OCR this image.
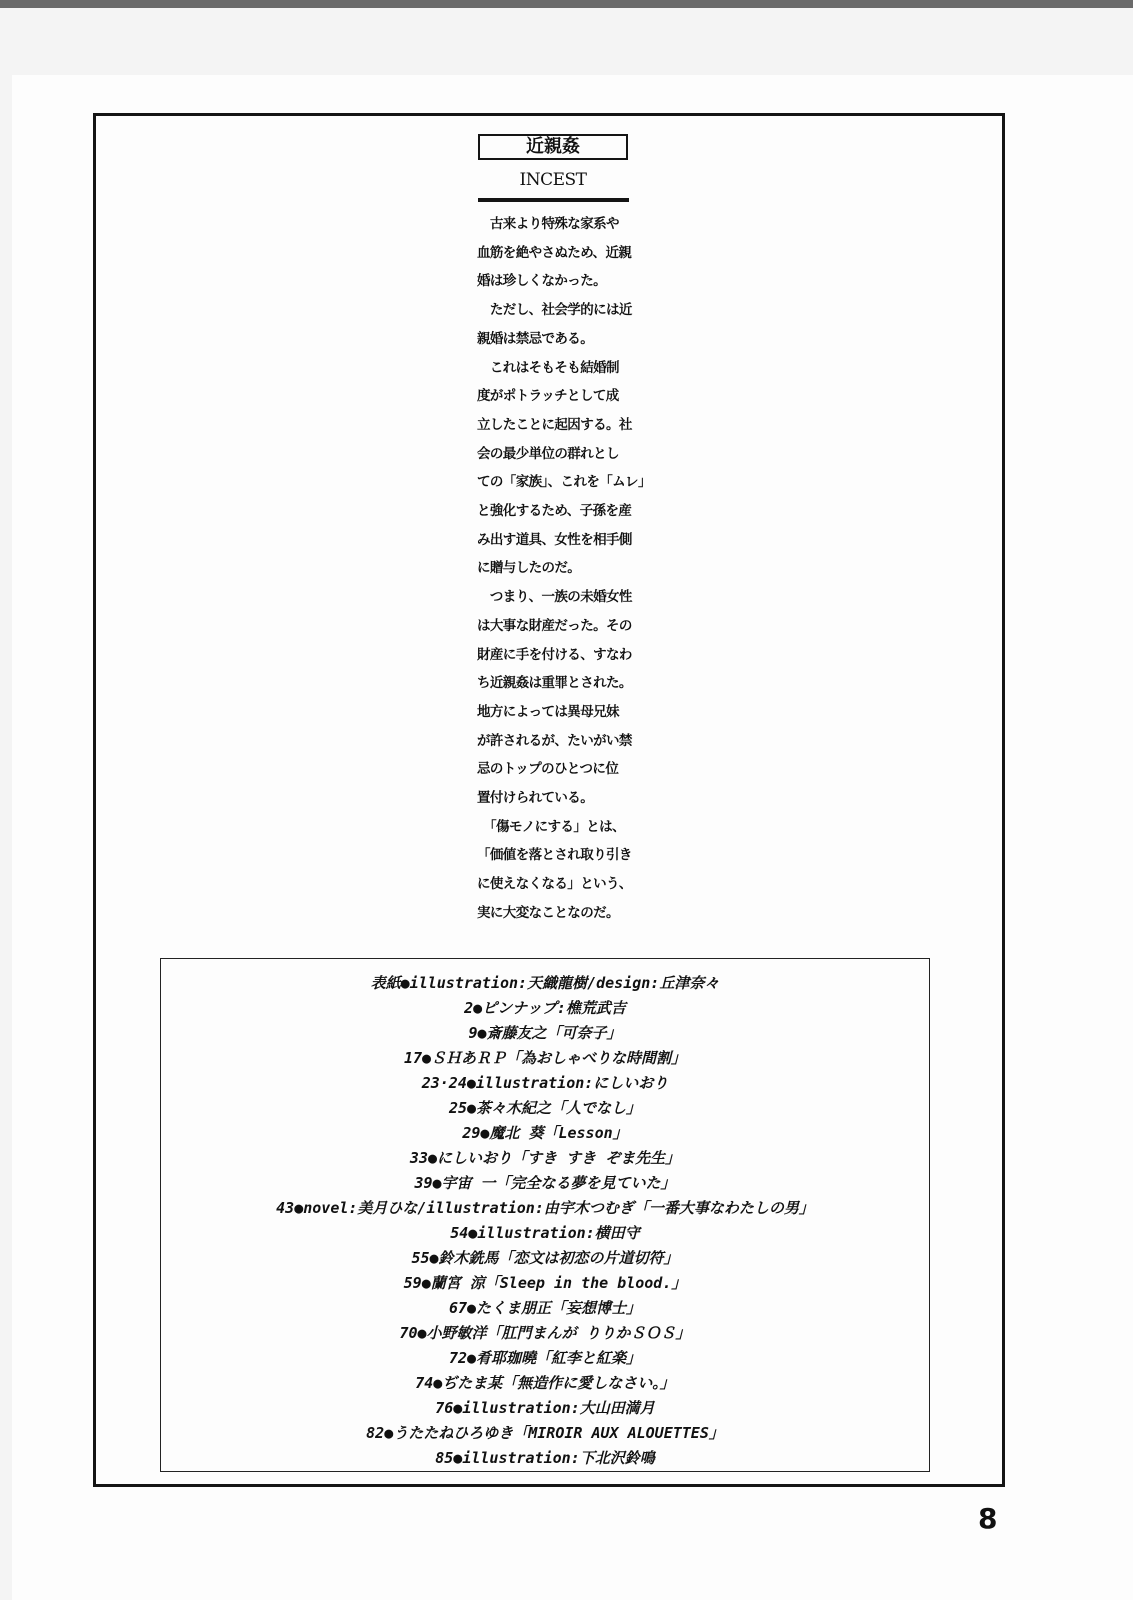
近親姦
INCEST
　古来より特殊な家系や
血筋を絶やさぬため、近親
婚は珍しくなかった。
　ただし、社会学的には近
親婚は禁忌である。
　これはそもそも結婚制
度がポトラッチとして成
立したことに起因する。社
会の最少単位の群れとし
ての「家族」、これを「ムレ」
と強化するため、子孫を産
み出す道具、女性を相手側
に贈与したのだ。
　つまり、一族の未婚女性
は大事な財産だった。その
財産に手を付ける、すなわ
ち近親姦は重罪とされた。
地方によっては異母兄妹
が許されるが、たいがい禁
忌のトップのひとつに位
置付けられている。
　「傷モノにする」とは、
「価値を落とされ取り引き
に使えなくなる」という、
実に大変なことなのだ。
表紙●illustration:天織龍樹/design:丘津奈々
2●ピンナップ:樵荒武吉
9●斎藤友之「可奈子」
17●ＳＨあＲＰ「為おしゃべりな時間割」
23·24●illustration:にしいおり
25●茶々木紀之「人でなし」
29●魔北 葵「Lesson」
33●にしいおり「すき すき ぞま先生」
39●宇宙 一「完全なる夢を見ていた」
43●novel:美月ひな/illustration:由宇木つむぎ「一番大事なわたしの男」
54●illustration:横田守
55●鈴木銑馬「恋文は初恋の片道切符」
59●蘭宮 涼「Sleep in the blood.」
67●たくま朋正「妄想博士」
70●小野敏洋「肛門まんが りりかＳＯＳ」
72●肴耶珈曉「紅李と紅楽」
74●ぢたま某「無造作に愛しなさい。」
76●illustration:大山田満月
82●うたたねひろゆき「MIROIR AUX ALOUETTES」
85●illustration:下北沢鈴鳴
8
